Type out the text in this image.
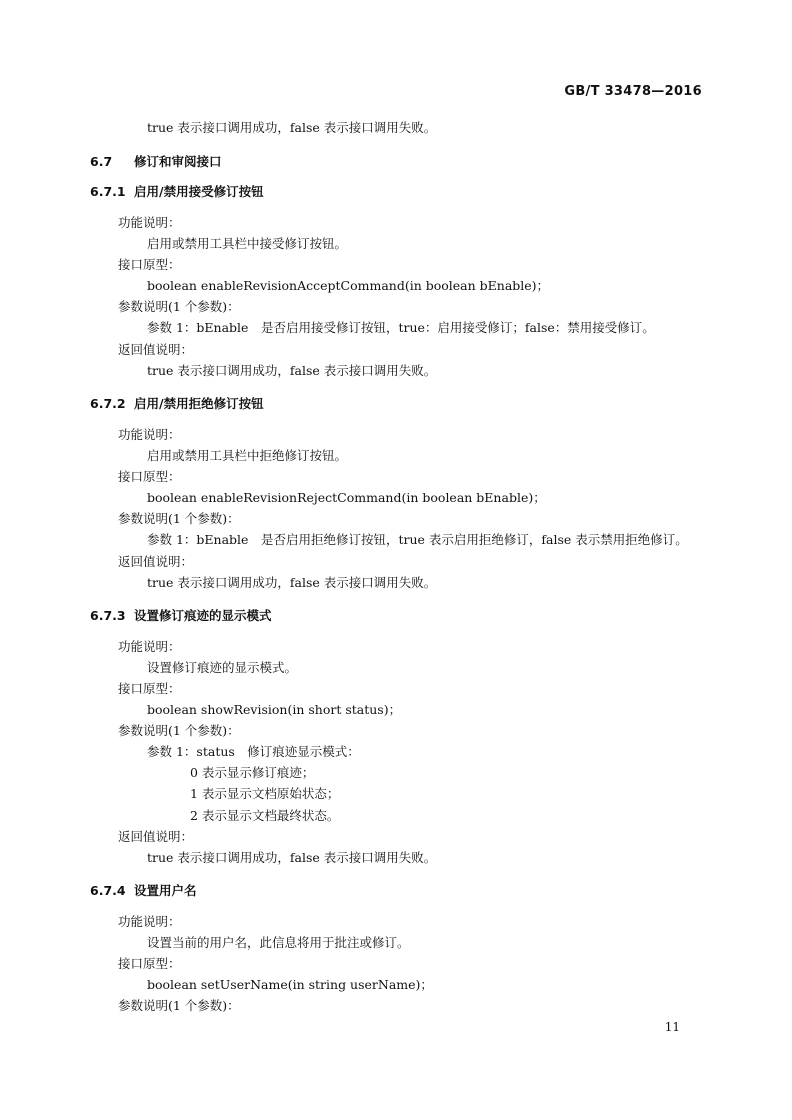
GB/T 33478—2016
true 表示接口调用成功，false 表示接口调用失败。
6.7 修订和审阅接口
6.7.1 启用/禁用接受修订按钮
功能说明：
启用或禁用工具栏中接受修订按钮。
接口原型：
boolean enableRevisionAcceptCommand(in boolean bEnable)；
参数说明(1 个参数)：
参数 1：bEnable　是否启用接受修订按钮，true：启用接受修订；false：禁用接受修订。
返回值说明：
true 表示接口调用成功，false 表示接口调用失败。
6.7.2 启用/禁用拒绝修订按钮
功能说明：
启用或禁用工具栏中拒绝修订按钮。
接口原型：
boolean enableRevisionRejectCommand(in boolean bEnable)；
参数说明(1 个参数)：
参数 1：bEnable　是否启用拒绝修订按钮，true 表示启用拒绝修订，false 表示禁用拒绝修订。
返回值说明：
true 表示接口调用成功，false 表示接口调用失败。
6.7.3 设置修订痕迹的显示模式
功能说明：
设置修订痕迹的显示模式。
接口原型：
boolean showRevision(in short status)；
参数说明(1 个参数)：
参数 1：status　修订痕迹显示模式：
0 表示显示修订痕迹；
1 表示显示文档原始状态；
2 表示显示文档最终状态。
返回值说明：
true 表示接口调用成功，false 表示接口调用失败。
6.7.4 设置用户名
功能说明：
设置当前的用户名，此信息将用于批注或修订。
接口原型：
boolean setUserName(in string userName)；
参数说明(1 个参数)：
11
